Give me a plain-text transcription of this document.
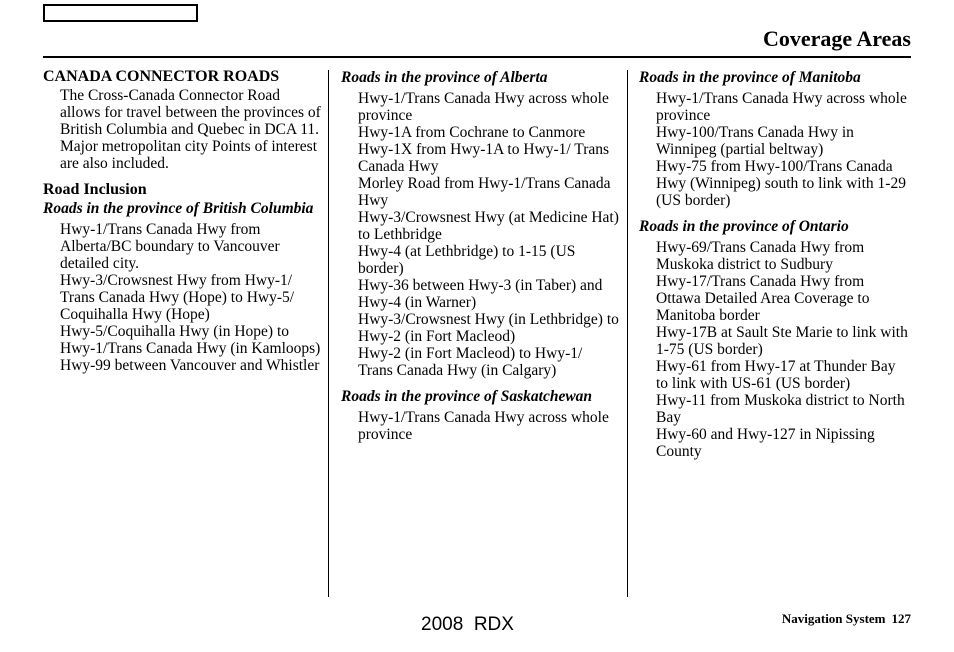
Coverage Areas
CANADA CONNECTOR ROADS
The Cross-Canada Connector Road allows for travel between the provinces of British Columbia and Quebec in DCA 11. Major metropolitan city Points of interest are also included.
Road Inclusion
Roads in the province of British Columbia
Hwy-1/Trans Canada Hwy from Alberta/BC boundary to Vancouver detailed city.
Hwy-3/Crowsnest Hwy from Hwy-1/ Trans Canada Hwy (Hope) to Hwy-5/ Coquihalla Hwy (Hope)
Hwy-5/Coquihalla Hwy (in Hope) to Hwy-1/Trans Canada Hwy (in Kamloops)
Hwy-99 between Vancouver and Whistler
Roads in the province of Alberta
Hwy-1/Trans Canada Hwy across whole province
Hwy-1A from Cochrane to Canmore
Hwy-1X from Hwy-1A to Hwy-1/ Trans Canada Hwy
Morley Road from Hwy-1/Trans Canada Hwy
Hwy-3/Crowsnest Hwy (at Medicine Hat) to Lethbridge
Hwy-4 (at Lethbridge) to 1-15 (US border)
Hwy-36 between Hwy-3 (in Taber) and Hwy-4 (in Warner)
Hwy-3/Crowsnest Hwy (in Lethbridge) to Hwy-2 (in Fort Macleod)
Hwy-2 (in Fort Macleod) to Hwy-1/ Trans Canada Hwy (in Calgary)
Roads in the province of Saskatchewan
Hwy-1/Trans Canada Hwy across whole province
Roads in the province of Manitoba
Hwy-1/Trans Canada Hwy across whole province
Hwy-100/Trans Canada Hwy in Winnipeg (partial beltway)
Hwy-75 from Hwy-100/Trans Canada Hwy (Winnipeg) south to link with 1-29 (US border)
Roads in the province of Ontario
Hwy-69/Trans Canada Hwy from Muskoka district to Sudbury
Hwy-17/Trans Canada Hwy from Ottawa Detailed Area Coverage to Manitoba border
Hwy-17B at Sault Ste Marie to link with 1-75 (US border)
Hwy-61 from Hwy-17 at Thunder Bay to link with US-61 (US border)
Hwy-11 from Muskoka district to North Bay
Hwy-60 and Hwy-127 in Nipissing County
Navigation System 127
2008  RDX
